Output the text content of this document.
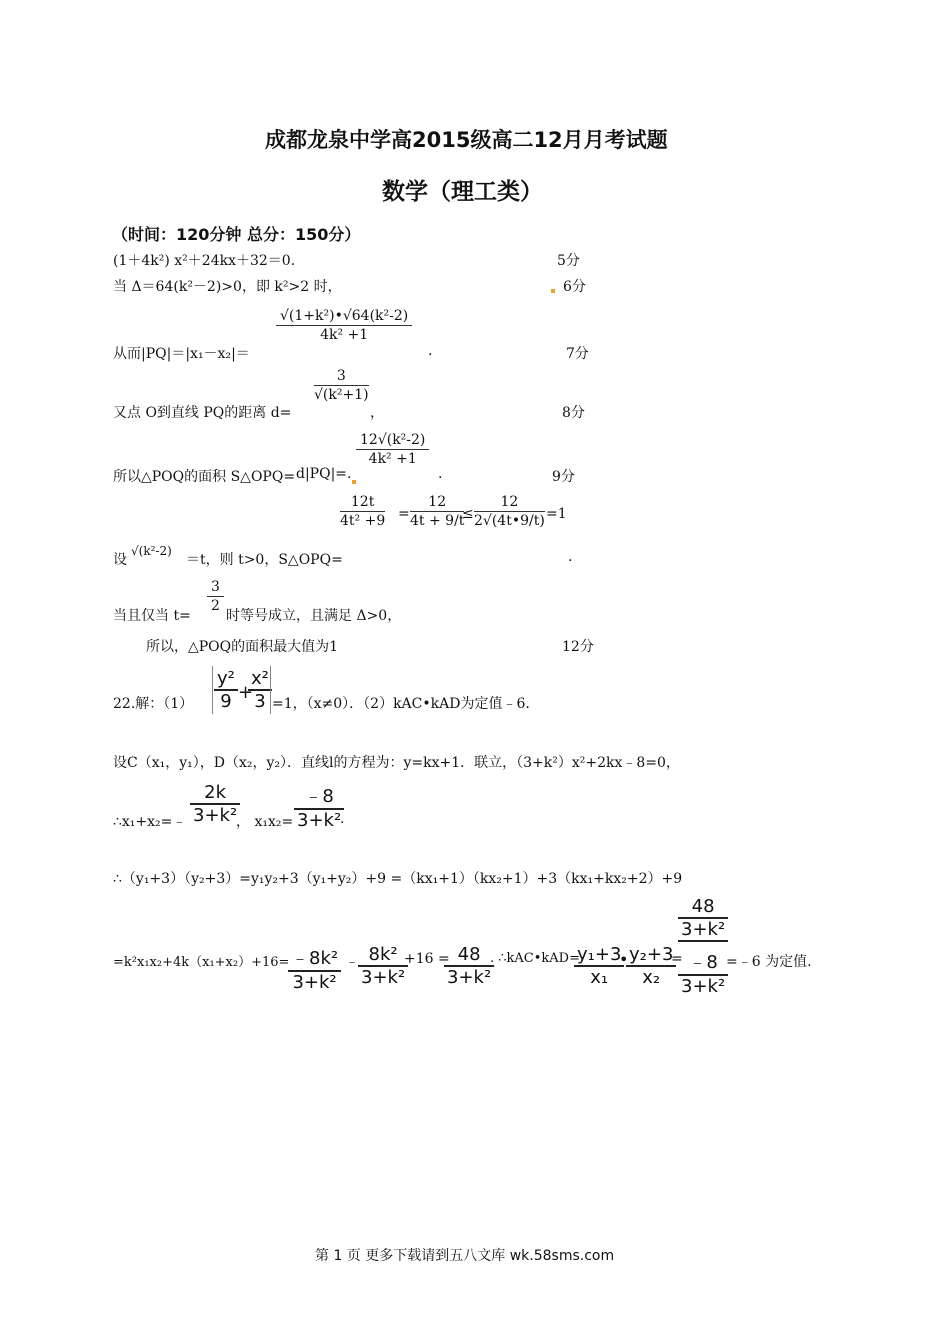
成都龙泉中学高2015级高二12月月考试题
数学（理工类）
（时间：120分钟 总分：150分）
(1＋4k²) x²＋24kx＋32＝0.	5分
当 Δ＝64(k²－2)>0，即 k²>2 时，	6分
从而|PQ|＝|x₁－x₂|＝
$\frac{\text{√(1+k²)•√64(k²-2)}}{\text{4k² +1}}$
.	7分
又点 O到直线 PQ的距离 d=
$\frac{3}{\text{√(k²+1)}}$
，	8分
所以△POQ的面积 S△OPQ= d|PQ|=.
$\frac{\text{12√(k²-2)}}{\text{4k² +1}}$
.	9分
$\frac{12t}{\text{4t² +9}} = \frac{12}{4t + 9/t}$
≤ $\frac{12}{2√(4t•9/t)} =1$
设
√(k²-2)
＝t，则 t>0，S△OPQ=	.
当且仅当 t=
$\frac{3}{2}$
时等号成立，且满足 Δ>0，
所以，△POQ的面积最大值为1	12分
22.解：$(1) \frac{\text{y²}}{9}$ +
$\frac{\text{x²}}{3} =1$，（x≠0）．（2）kAC•kAD为定值﹣6.
设C（x₁，y₁），D（x₂，y₂）．直线l的方程为：y=kx+1．联立，（3+k²）x²+2kx﹣8=0，
∴x₁+x₂=﹣ $\frac{2k}{\text{3+k²}}$
， $x_1x_2= \frac{﹣8}{\text{3+k²}}$
.
∴（y₁+3）（y₂+3）=y₁y₂+3（y₁+y₂）+9 =（kx₁+1）（kx₂+1）+3（kx₁+kx₂+2）+9
=k²x₁x₂+4k（x₁+x₂）+16=
$\frac{\text{﹣8k²}}{\text{3+k²}}$ ﹣ $\frac{\text{8k²}}{\text{3+k²}}$
+16 =
$\frac{48}{\text{3+k²}}$
. ∴kAC•kAD=
$\frac{\text{y₁+3}}{\text{x₁}}$
•
$\frac{\text{y₂+3}}{\text{x₂}}$
=
$\frac{48}{\text{3+k²}}$
$\frac{﹣8}{\text{3+k²}}$
=﹣6 为定值.
第 1 页 更多下载请到五八文库 wk.58sms.com
